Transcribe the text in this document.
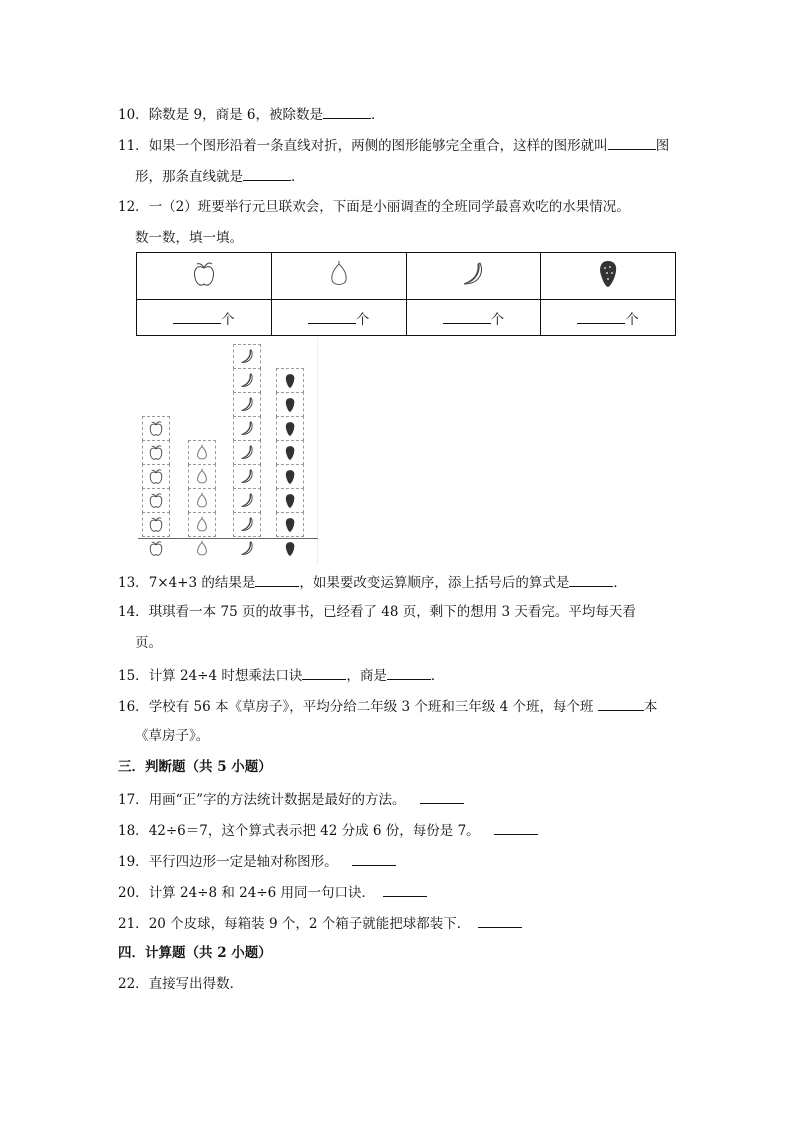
10．除数是 9，商是 6，被除数是	．
11．如果一个图形沿着一条直线对折，两侧的图形能够完全重合，这样的图形就叫	图
形，那条直线就是	．
12．一（2）班要举行元旦联欢会，下面是小丽调查的全班同学最喜欢吃的水果情况。
数一数，填一填。

个	个	个	个
13．7×4+3 的结果是	，如果要改变运算顺序，添上括号后的算式是	．
14．琪琪看一本 75 页的故事书，已经看了 48 页，剩下的想用 3 天看完。平均每天看
页。
15．计算 24÷4 时想乘法口诀	，商是	．
16．学校有 56 本《草房子》，平均分给二年级 3 个班和三年级 4 个班，每个班	本
《草房子》。
三．判断题（共 5 小题）
17．用画“正”字的方法统计数据是最好的方法。
18．42÷6＝7，这个算式表示把 42 分成 6 份，每份是 7。
19．平行四边形一定是轴对称图形。
20．计算 24÷8 和 24÷6 用同一句口诀．
21．20 个皮球，每箱装 9 个，2 个箱子就能把球都装下．
四．计算题（共 2 小题）
22．直接写出得数．
